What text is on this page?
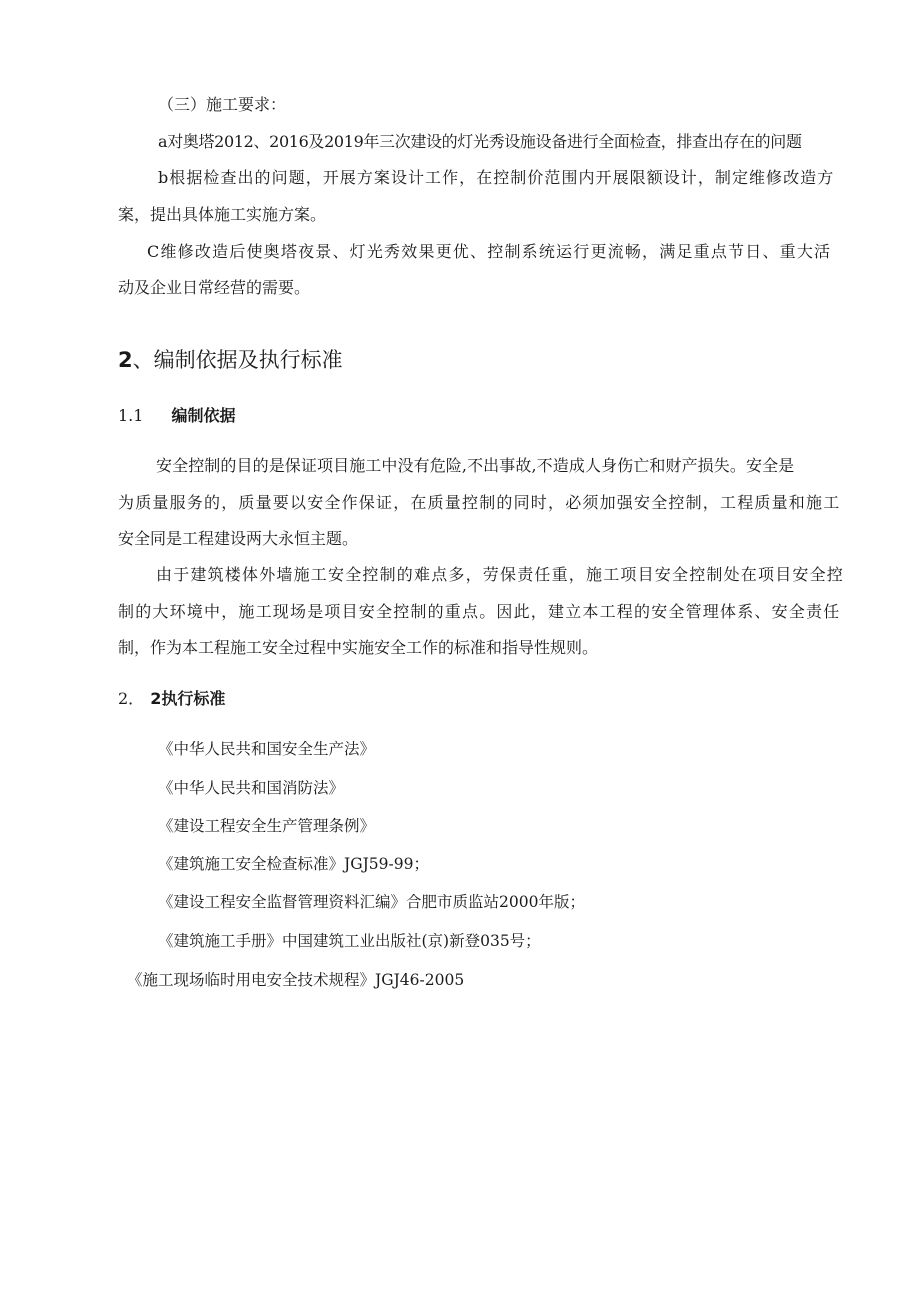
（三）施工要求：
a对奥塔2012、2016及2019年三次建设的灯光秀设施设备进行全面检查，排查出存在的问题
b根据检查出的问题，开展方案设计工作，在控制价范围内开展限额设计，制定维修改造方
案，提出具体施工实施方案。
C维修改造后使奥塔夜景、灯光秀效果更优、控制系统运行更流畅，满足重点节日、重大活
动及企业日常经营的需要。
2、编制依据及执行标准
1.1 编制依据
安全控制的目的是保证项目施工中没有危险,不出事故,不造成人身伤亡和财产损失。安全是
为质量服务的，质量要以安全作保证，在质量控制的同时，必须加强安全控制，工程质量和施工
安全同是工程建设两大永恒主题。
由于建筑楼体外墙施工安全控制的难点多，劳保责任重，施工项目安全控制处在项目安全控
制的大环境中，施工现场是项目安全控制的重点。因此，建立本工程的安全管理体系、安全责任
制，作为本工程施工安全过程中实施安全工作的标准和指导性规则。
2． 2执行标准
《中华人民共和国安全生产法》
《中华人民共和国消防法》
《建设工程安全生产管理条例》
《建筑施工安全检查标准》JGJ59-99；
《建设工程安全监督管理资料汇编》合肥市质监站2000年版；
《建筑施工手册》中国建筑工业出版社(京)新登035号；
《施工现场临时用电安全技术规程》JGJ46-2005
